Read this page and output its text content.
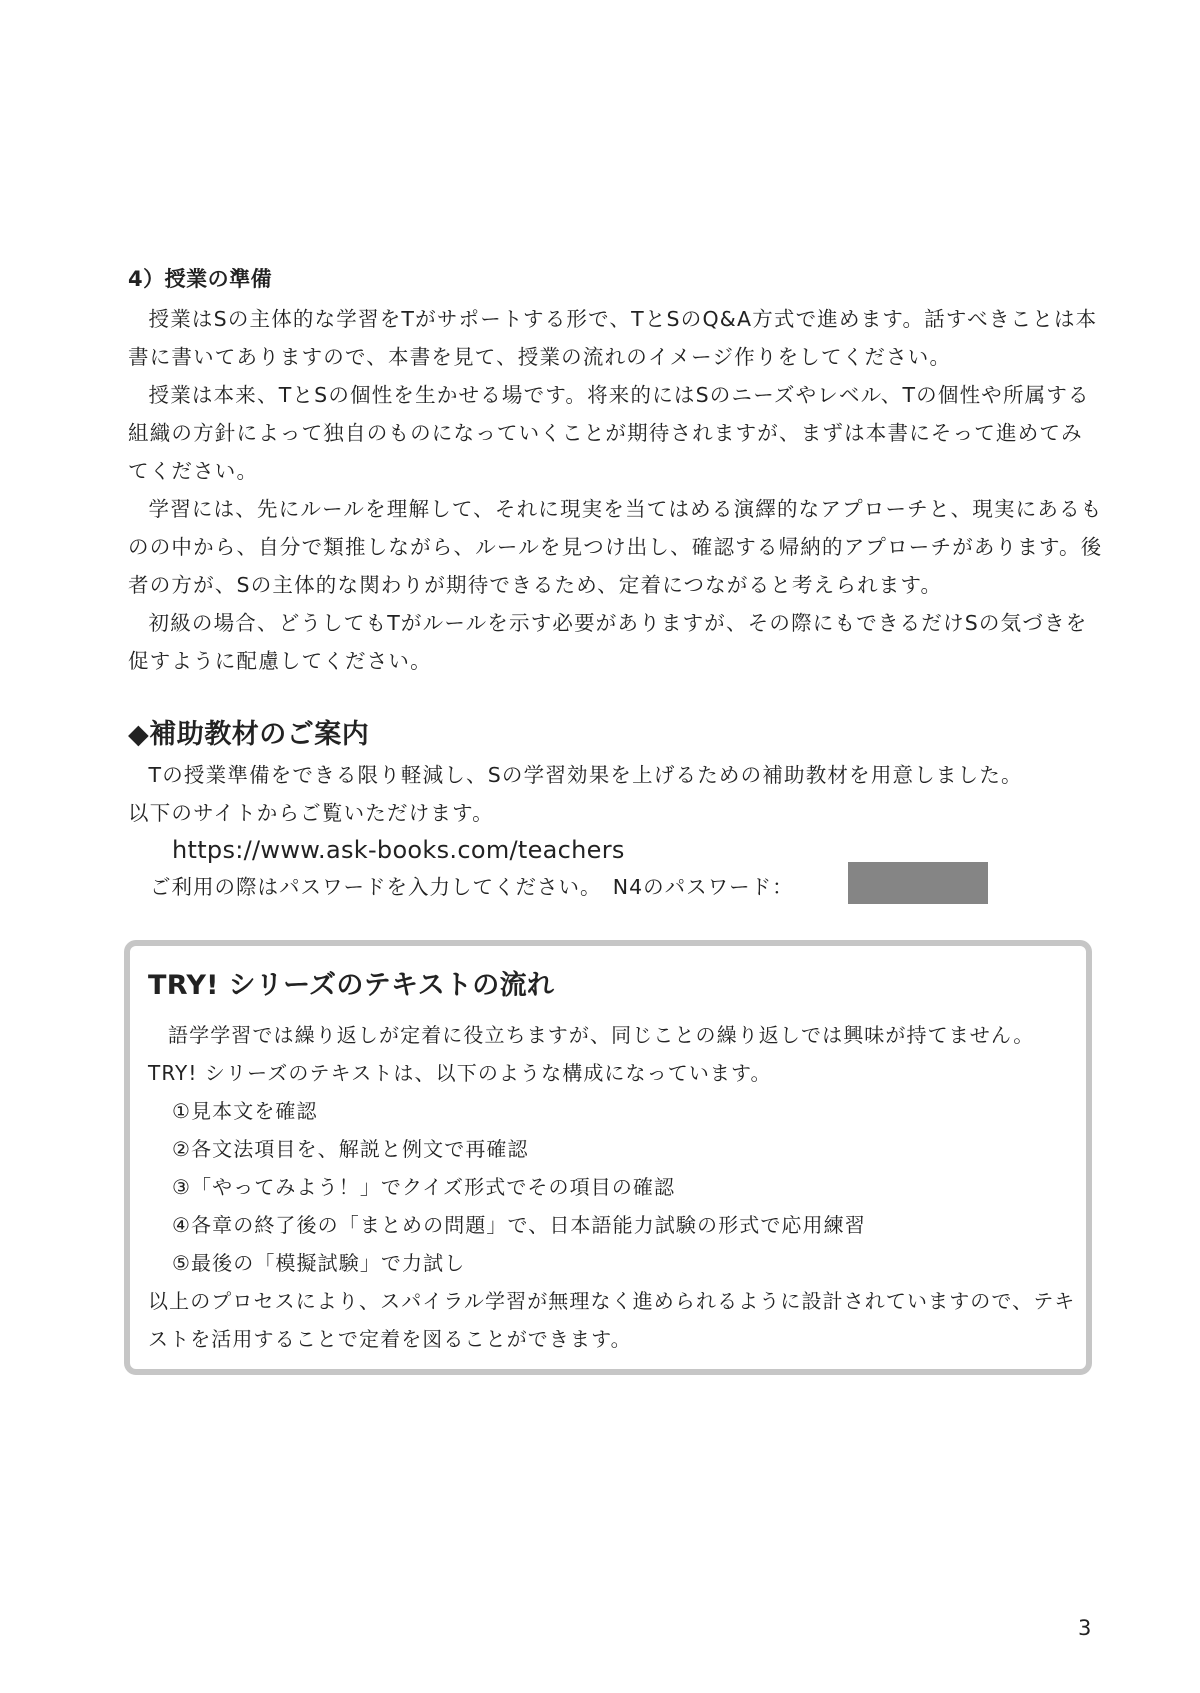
4）授業の準備

授業はSの主体的な学習をTがサポートする形で、TとSのQ&A方式で進めます。話すべきことは本書に書いてありますので、本書を見て、授業の流れのイメージ作りをしてください。

授業は本来、TとSの個性を生かせる場です。将来的にはSのニーズやレベル、Tの個性や所属する組織の方針によって独自のものになっていくことが期待されますが、まずは本書にそって進めてみてください。

学習には、先にルールを理解して、それに現実を当てはめる演繹的なアプローチと、現実にあるものの中から、自分で類推しながら、ルールを見つけ出し、確認する帰納的アプローチがあります。後者の方が、Sの主体的な関わりが期待できるため、定着につながると考えられます。

初級の場合、どうしてもTがルールを示す必要がありますが、その際にもできるだけSの気づきを促すように配慮してください。

◆補助教材のご案内

Tの授業準備をできる限り軽減し、Sの学習効果を上げるための補助教材を用意しました。

以下のサイトからご覧いただけます。

https://www.ask-books.com/teachers
ご利用の際はパスワードを入力してください。　N4のパスワード：
TRY! シリーズのテキストの流れ

語学学習では繰り返しが定着に役立ちますが、同じことの繰り返しでは興味が持てません。TRY! シリーズのテキストは、以下のような構成になっています。

①見本文を確認
②各文法項目を、解説と例文で再確認
③「やってみよう！」でクイズ形式でその項目の確認
④各章の終了後の「まとめの問題」で、日本語能力試験の形式で応用練習
⑤最後の「模擬試験」で力試し

以上のプロセスにより、スパイラル学習が無理なく進められるように設計されていますので、テキストを活用することで定着を図ることができます。

3
